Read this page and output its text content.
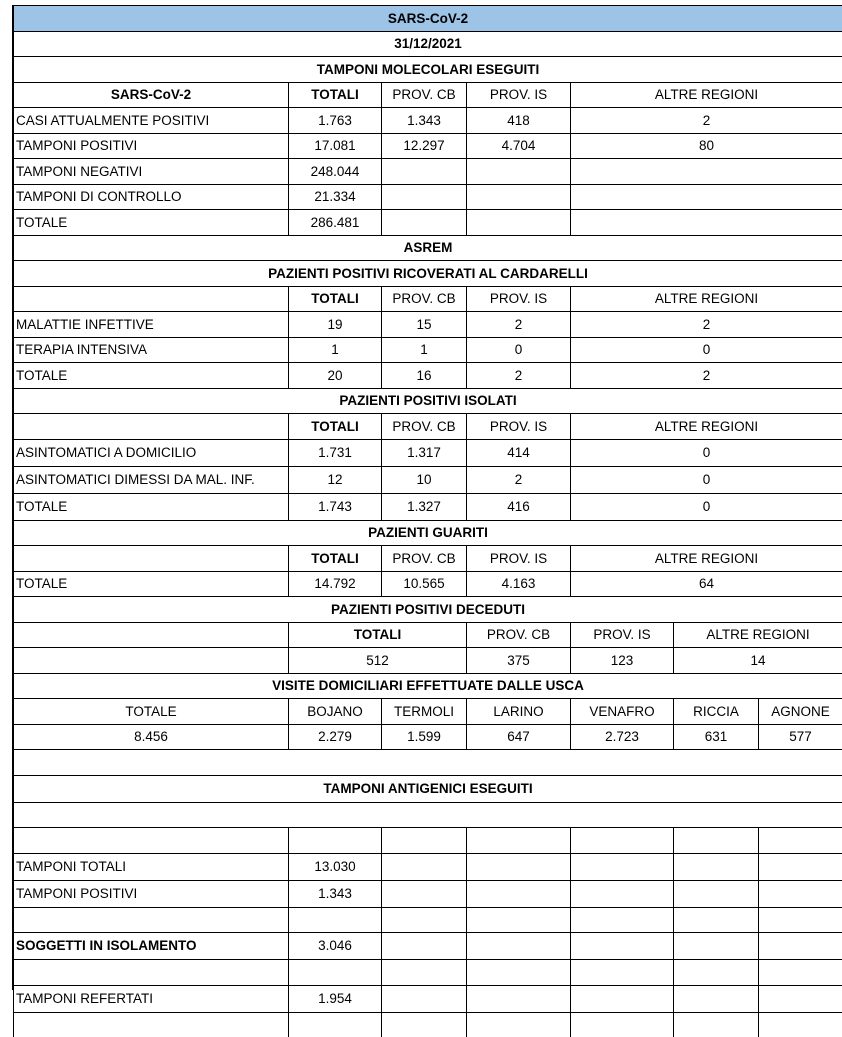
SARS-CoV-2						
31/12/2021						
TAMPONI MOLECOLARI ESEGUITI						
SARS-CoV-2	TOTALI	PROV. CB	PROV. IS	ALTRE REGIONI		
CASI ATTUALMENTE POSITIVI	1.763	1.343	418	2		
TAMPONI POSITIVI	17.081	12.297	4.704	80		
TAMPONI NEGATIVI	248.044					
TAMPONI DI CONTROLLO	21.334					
TOTALE	286.481					
ASREM						
PAZIENTI POSITIVI RICOVERATI AL CARDARELLI						
	TOTALI	PROV. CB	PROV. IS	ALTRE REGIONI		
MALATTIE INFETTIVE	19	15	2	2		
TERAPIA INTENSIVA	1	1	0	0		
TOTALE	20	16	2	2		
PAZIENTI POSITIVI ISOLATI						
	TOTALI	PROV. CB	PROV. IS	ALTRE REGIONI		
ASINTOMATICI A DOMICILIO	1.731	1.317	414	0		
ASINTOMATICI DIMESSI DA MAL. INF.	12	10	2	0		
TOTALE	1.743	1.327	416	0		
PAZIENTI GUARITI						
	TOTALI	PROV. CB	PROV. IS	ALTRE REGIONI		
TOTALE	14.792	10.565	4.163	64		
PAZIENTI POSITIVI DECEDUTI						
	TOTALI		PROV. CB	PROV. IS	ALTRE REGIONI	
	512		375	123	14	
VISITE DOMICILIARI EFFETTUATE DALLE USCA						
TOTALE	BOJANO	TERMOLI	LARINO	VENAFRO	RICCIA	AGNONE
8.456	2.279	1.599	647	2.723	631	577

TAMPONI ANTIGENICI ESEGUITI						

TAMPONI TOTALI	13.030					
TAMPONI POSITIVI	1.343					

SOGGETTI IN ISOLAMENTO	3.046					

TAMPONI REFERTATI	1.954					
